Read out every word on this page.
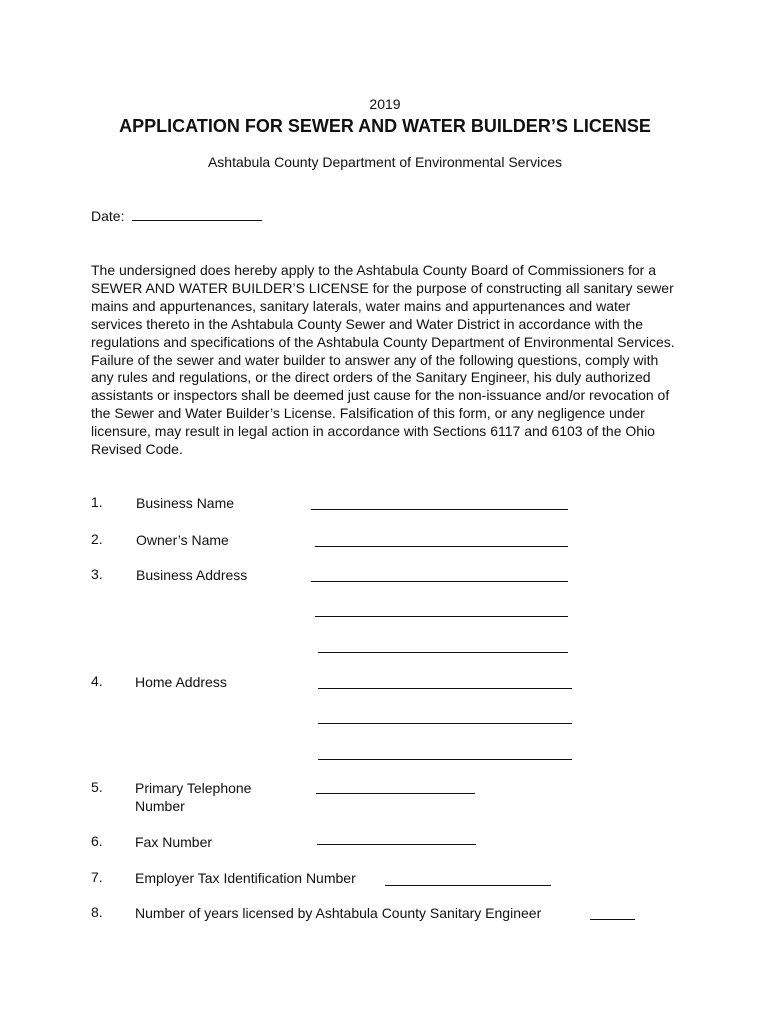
2019
APPLICATION FOR SEWER AND WATER BUILDER’S LICENSE
Ashtabula County Department of Environmental Services
Date:
The undersigned does hereby apply to the Ashtabula County Board of Commissioners for a SEWER AND WATER BUILDER’S LICENSE for the purpose of constructing all sanitary sewer mains and appurtenances, sanitary laterals, water mains and appurtenances and water services thereto in the Ashtabula County Sewer and Water District in accordance with the regulations and specifications of the Ashtabula County Department of Environmental Services. Failure of the sewer and water builder to answer any of the following questions, comply with any rules and regulations, or the direct orders of the Sanitary Engineer, his duly authorized assistants or inspectors shall be deemed just cause for the non-issuance and/or revocation of the Sewer and Water Builder’s License. Falsification of this form, or any negligence under licensure, may result in legal action in accordance with Sections 6117 and 6103 of the Ohio Revised Code.
1. Business Name
2. Owner’s Name
3. Business Address
4. Home Address
5. Primary Telephone Number
6. Fax Number
7. Employer Tax Identification Number
8. Number of years licensed by Ashtabula County Sanitary Engineer
